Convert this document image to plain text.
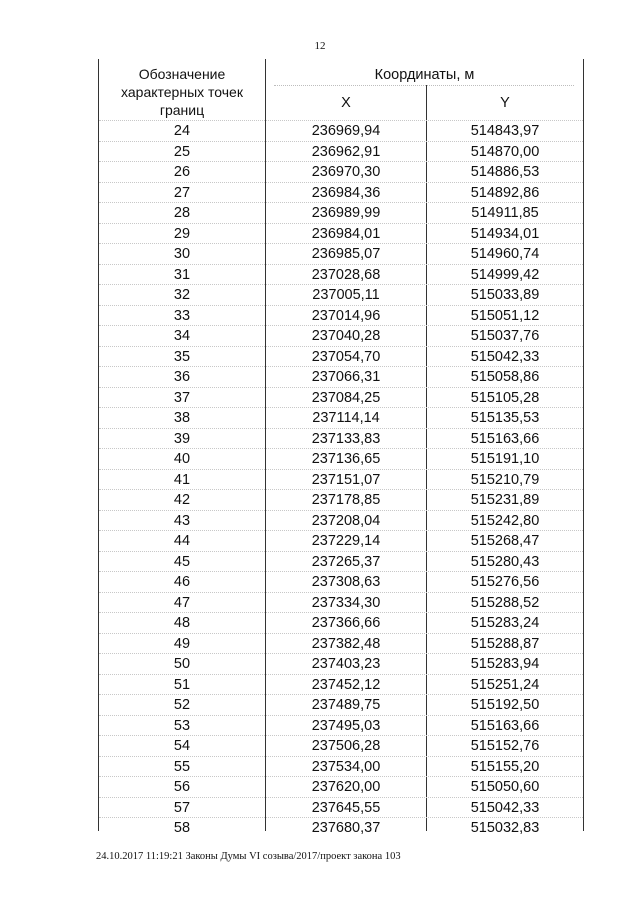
12
Обозначение
характерных точек
границ
Координаты, м
X	Y
24	236969,94	514843,97
25	236962,91	514870,00
26	236970,30	514886,53
27	236984,36	514892,86
28	236989,99	514911,85
29	236984,01	514934,01
30	236985,07	514960,74
31	237028,68	514999,42
32	237005,11	515033,89
33	237014,96	515051,12
34	237040,28	515037,76
35	237054,70	515042,33
36	237066,31	515058,86
37	237084,25	515105,28
38	237114,14	515135,53
39	237133,83	515163,66
40	237136,65	515191,10
41	237151,07	515210,79
42	237178,85	515231,89
43	237208,04	515242,80
44	237229,14	515268,47
45	237265,37	515280,43
46	237308,63	515276,56
47	237334,30	515288,52
48	237366,66	515283,24
49	237382,48	515288,87
50	237403,23	515283,94
51	237452,12	515251,24
52	237489,75	515192,50
53	237495,03	515163,66
54	237506,28	515152,76
55	237534,00	515155,20
56	237620,00	515050,60
57	237645,55	515042,33
58	237680,37	515032,83
24.10.2017 11:19:21 Законы Думы VI созыва/2017/проект закона 103
